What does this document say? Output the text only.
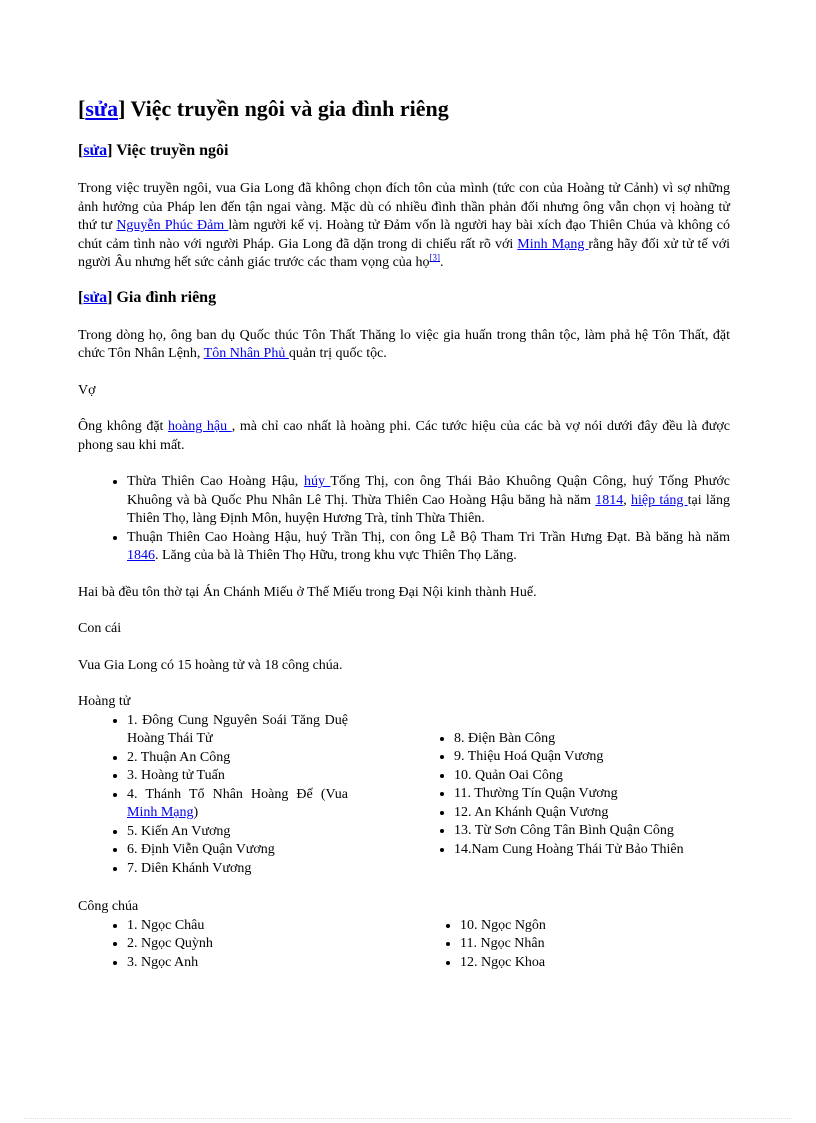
[sửa] Việc truyền ngôi và gia đình riêng
[sửa] Việc truyền ngôi

Trong việc truyền ngôi, vua Gia Long đã không chọn đích tôn của mình (tức con của Hoàng tử Cảnh) vì sợ những ảnh hưởng của Pháp len đến tận ngai vàng. Mặc dù có nhiều đình thần phản đối nhưng ông vẫn chọn vị hoàng tử thứ tư Nguyễn Phúc Đảm làm người kế vị. Hoàng tử Đảm vốn là người hay bài xích đạo Thiên Chúa và không có chút cảm tình nào với người Pháp. Gia Long đã dặn trong di chiếu rất rõ với Minh Mạng rằng hãy đối xử tử tế với người Âu nhưng hết sức cảnh giác trước các tham vọng của họ[3].

[sửa] Gia đình riêng

Trong dòng họ, ông ban dụ Quốc thúc Tôn Thất Thăng lo việc gia huấn trong thân tộc, làm phả hệ Tôn Thất, đặt chức Tôn Nhân Lệnh, Tôn Nhân Phủ quản trị quốc tộc.

Vợ

Ông không đặt hoàng hậu , mà chỉ cao nhất là hoàng phi. Các tước hiệu của các bà vợ nói dưới đây đều là được phong sau khi mất.

• Thừa Thiên Cao Hoàng Hậu, húy Tống Thị, con ông Thái Bảo Khuông Quận Công, huý Tống Phước Khuông và bà Quốc Phu Nhân Lê Thị. Thừa Thiên Cao Hoàng Hậu băng hà năm 1814, hiệp táng tại lăng Thiên Thọ, làng Định Môn, huyện Hương Trà, tỉnh Thừa Thiên.
• Thuận Thiên Cao Hoàng Hậu, huý Trần Thị, con ông Lễ Bộ Tham Tri Trần Hưng Đạt. Bà băng hà năm 1846. Lăng của bà là Thiên Thọ Hữu, trong khu vực Thiên Thọ Lăng.

Hai bà đều tôn thờ tại Án Chánh Miếu ở Thế Miếu trong Đại Nội kinh thành Huế.

Con cái

Vua Gia Long có 15 hoàng tử và 18 công chúa.

Hoàng tử

• 1. Đông Cung Nguyên Soái Tăng Duệ Hoàng Thái Tử
• 2. Thuận An Công
• 3. Hoàng tử Tuấn
• 4. Thánh Tổ Nhân Hoàng Đế (Vua Minh Mạng)
• 5. Kiến An Vương
• 6. Định Viễn Quận Vương
• 7. Diên Khánh Vương
• 8. Điện Bàn Công
• 9. Thiệu Hoá Quận Vương
• 10. Quản Oai Công
• 11. Thường Tín Quận Vương
• 12. An Khánh Quận Vương
• 13. Từ Sơn Công Tân Bình Quận Công
• 14.Nam Cung Hoàng Thái Tử Bảo Thiên

Công chúa

• 1. Ngọc Châu
• 2. Ngọc Quỳnh
• 3. Ngọc Anh
• 10. Ngọc Ngôn
• 11. Ngọc Nhân
• 12. Ngọc Khoa
